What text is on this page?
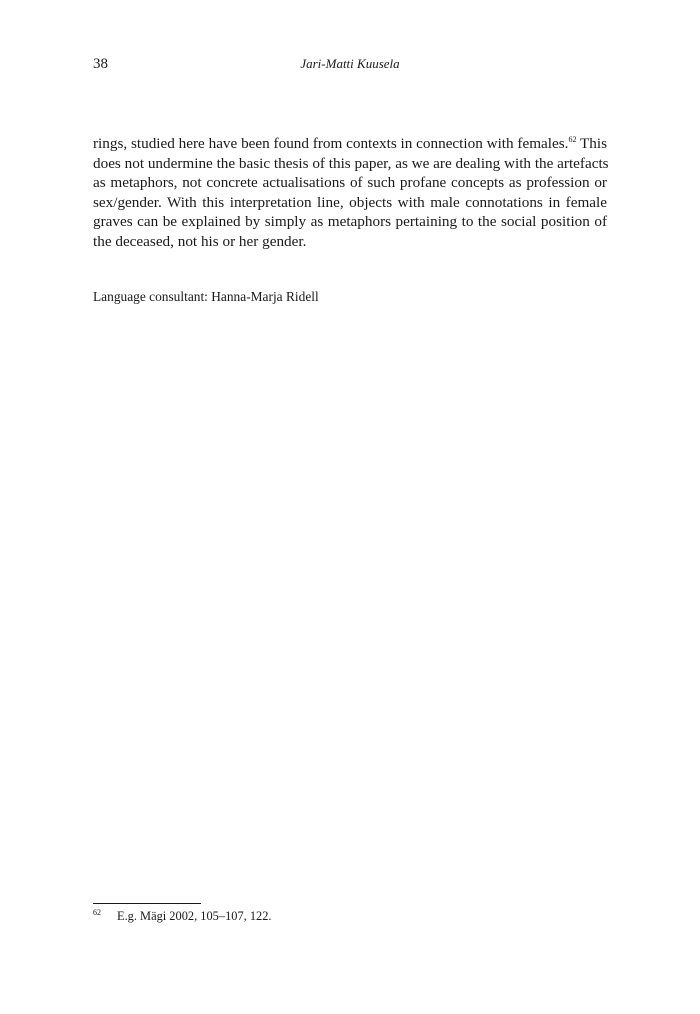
38	Jari-Matti Kuusela
rings, studied here have been found from contexts in connection with females.$^{62}$ This
does not undermine the basic thesis of this paper, as we are dealing with the artefacts
as metaphors, not concrete actualisations of such profane concepts as profession or
sex/gender. With this interpretation line, objects with male connotations in female
graves can be explained by simply as metaphors pertaining to the social position of
the deceased, not his or her gender.
Language consultant: Hanna-Marja Ridell
62 E.g. Mägi 2002, 105–107, 122.
